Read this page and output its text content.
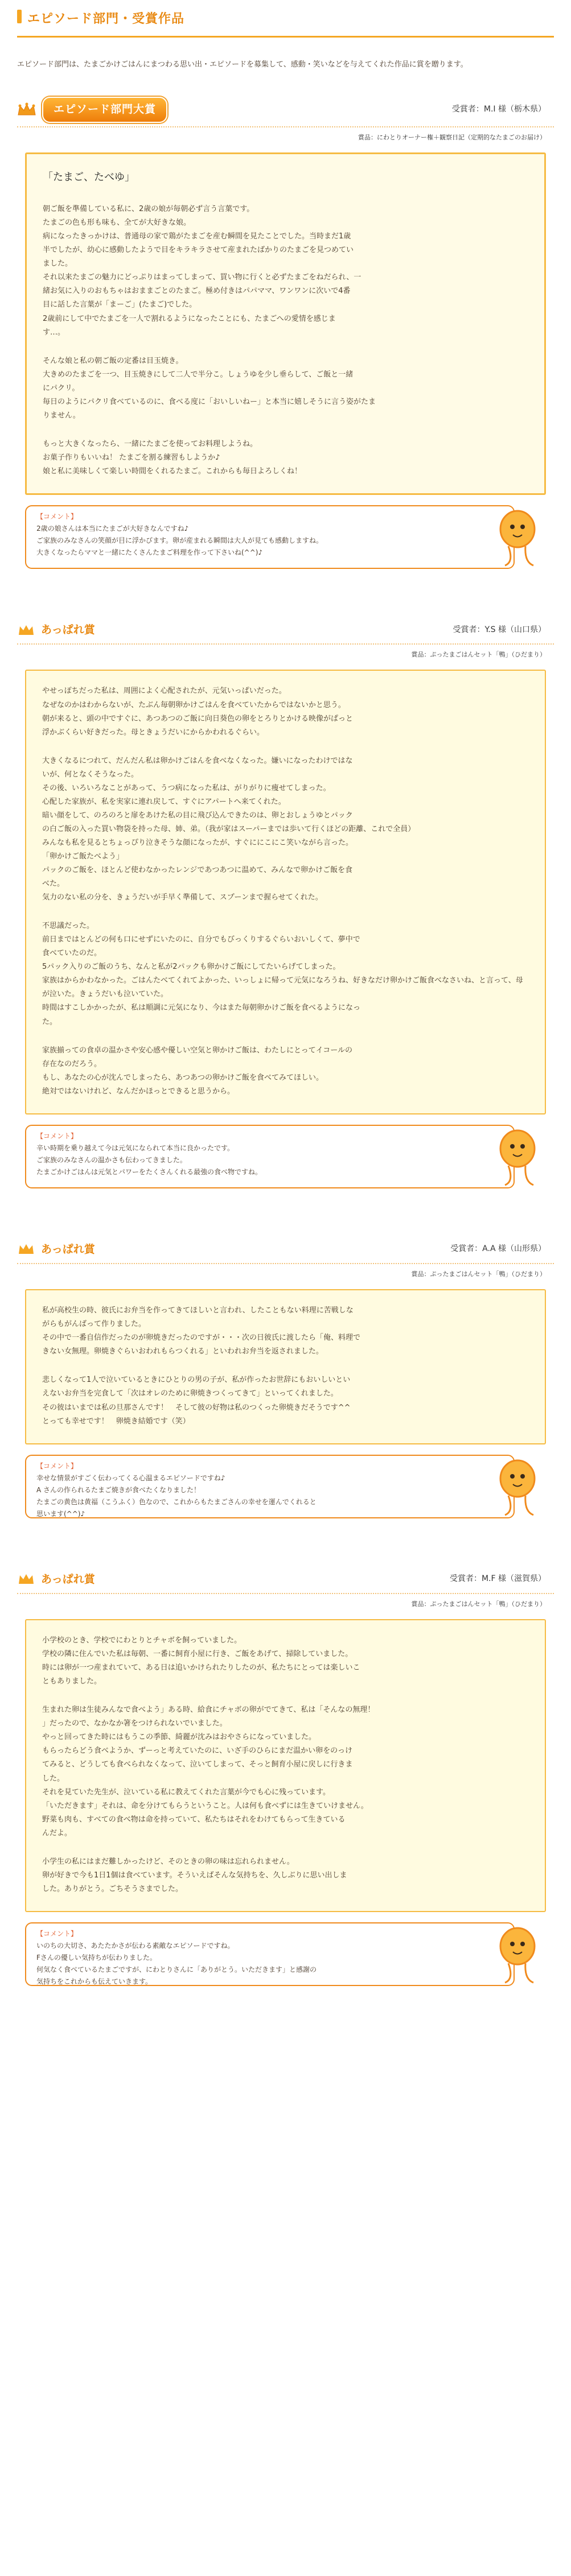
エピソード部門・受賞作品
エピソード部門は、たまごかけごはんにまつわる思い出・エピソードを募集して、感動・笑いなどを与えてくれた作品に賞を贈ります。
エピソード部門大賞	受賞者：M.I 様（栃木県）
賞品：にわとりオーナー権＋観察日記（定期的なたまごのお届け）
「たまご、たべゆ」
朝ご飯を準備している私に、2歳の娘が毎朝必ず言う言葉です。
たまごの色も形も味も、全てが大好きな娘。
病になったきっかけは、普通母の家で鶏がたまごを産む瞬間を見たことでした。当時まだ1歳
半でしたが、幼心に感動したようで目をキラキラさせて産まれたばかりのたまごを見つめてい
ました。
それ以来たまごの魅力にどっぷりはまってしまって、買い物に行くと必ずたまごをねだられ、一
緒お気に入りのおもちゃはおままごとのたまご。極め付きはパパママ、ワンワンに次いで4番
目に話した言葉が「まーご」(たまご)でした。
2歳前にして中でたまごを一人で割れるようになったことにも、たまごへの愛情を感じま
す…。
そんな娘と私の朝ご飯の定番は目玉焼き。
大きめのたまごを一つ、目玉焼きにして二人で半分こ。しょうゆを少し垂らして、ご飯と一緒
にパクリ。
毎日のようにパクリ食べているのに、食べる度に「おいしいねー」と本当に嬉しそうに言う姿がたま
りません。
もっと大きくなったら、一緒にたまごを使ってお料理しようね。
お菓子作りもいいね！ たまごを割る練習もしようか♪
娘と私に美味しくて楽しい時間をくれるたまご。これからも毎日よろしくね！
【コメント】
2歳の娘さんは本当にたまごが大好きなんですね♪
ご家族のみなさんの笑顔が目に浮かびます。卵が産まれる瞬間は大人が見ても感動しますね。
大きくなったらママと一緒にたくさんたまご料理を作って下さいね(^^)♪
あっぱれ賞	受賞者：Y.S 様（山口県）
賞品：ぷったまごはんセット「鴨」（ひだまり）
やせっぽちだった私は、周囲によく心配されたが、元気いっぱいだった。
なぜなのかはわからないが、たぶん毎朝卵かけごはんを食べていたからではないかと思う。
朝が来ると、頭の中ですぐに、あつあつのご飯に向日葵色の卵をとろりとかける映像がぱっと
浮かぶくらい好きだった。母ときょうだいにからかわれるぐらい。
大きくなるにつれて、だんだん私は卵かけごはんを食べなくなった。嫌いになったわけではな
いが、何となくそうなった。
その後、いろいろなことがあって、うつ病になった私は、がりがりに痩せてしまった。
心配した家族が、私を実家に連れ戻して、すぐにアパートへ来てくれた。
暗い顔をして、のろのろと扉をあけた私の目に飛び込んできたのは、卵とおしょうゆとパック
の白ご飯の入った買い物袋を持った母、姉、弟。（我が家はスーパーまでは歩いて行くほどの距離、これで全員）
みんなも私を見るとちょっぴり泣きそうな顔になったが、すぐににこにこ笑いながら言った。
「卵かけご飯たべよう」
パックのご飯を、ほとんど使わなかったレンジであつあつに温めて、みんなで卵かけご飯を食
べた。
気力のない私の分を、きょうだいが手早く準備して、スプーンまで握らせてくれた。
不思議だった。
前日まではとんどの何も口にせずにいたのに、自分でもびっくりするぐらいおいしくて、夢中で
食べていたのだ。
5パック入りのご飯のうち、なんと私が2パックも卵かけご飯にしてたいらげてしまった。
家族はからかわなかった。ごはんたべてくれてよかった、いっしょに帰って元気になろうね、好きなだけ卵かけご飯食べなさいね、と言って、母が泣いた。きょうだいも泣いていた。
時間はすこしかかったが、私は順調に元気になり、今はまた毎朝卵かけご飯を食べるようになっ
た。
家族揃っての食卓の温かさや安心感や優しい空気と卵かけご飯は、わたしにとってイコールの
存在なのだろう。
もし、あなたの心が沈んでしまったら、あつあつの卵かけご飯を食べてみてほしい。
絶対ではないけれど、なんだかほっとできると思うから。
【コメント】
辛い時期を乗り越えて今は元気になられて本当に良かったです。
ご家族のみなさんの温かさも伝わってきました。
たまごかけごはんは元気とパワーをたくさんくれる最強の食べ物ですね。
あっぱれ賞	受賞者：A.A 様（山形県）
賞品：ぷったまごはんセット「鴨」（ひだまり）
私が高校生の時、彼氏にお弁当を作ってきてほしいと言われ、したこともない料理に苦戦しな
がらもがんばって作りました。
その中で一番自信作だったのが卵焼きだったのですが・・・次の日彼氏に渡したら「俺、料理で
きない女無理。卵焼きぐらいおわれもらつくれる」といわれお弁当を返されました。
悲しくなって1人で泣いているときにひとりの男の子が、私が作ったお世辞にもおいしいとい
えないお弁当を完食して「次はオレのために卵焼きつくってきて」といってくれました。
その彼はいまでは私の旦那さんです！　そして彼の好物は私のつくった卵焼きだそうです^^
とっても幸せです！　卵焼き結婚です（笑）
【コメント】
幸せな情景がすごく伝わってくる心温まるエピソードですね♪
A さんの作られるたまご焼きが食べたくなりました！
たまごの黄色は黄福（こうふく）色なので、これからもたまごさんの幸せを運んでくれると
思います(^^)♪
あっぱれ賞	受賞者：M.F 様（滋賀県）
賞品：ぷったまごはんセット「鴨」（ひだまり）
小学校のとき、学校でにわとりとチャボを飼っていました。
学校の隣に住んでいた私は毎朝、一番に飼育小屋に行き、ご飯をあげて、掃除していました。
時には卵が一つ産まれていて、ある日は追いかけられたりしたのが、私たちにとっては楽しいこ
ともありました。
生まれた卵は生徒みんなで食べよう」ある時、給食にチャボの卵がでてきて、私は「そんなの無理！
」だったので、なかなか箸をつけられないでいました。
やっと回ってきた時にはもうこの季節、綺麗が沈みはおやさらになっていました。
もらったらどう食べようか、ずーっと考えていたのに、いざ手のひらにまだ温かい卵をのっけ
てみると、どうしても食べられなくなって、泣いてしまって、そっと飼育小屋に戻しに行きま
した。
それを見ていた先生が、泣いている私に教えてくれた言葉が今でも心に残っています。
「いただきます」それは、命を分けてもらうということ。人は何も食べずには生きていけません。
野菜も肉も、すべての食べ物は命を持っていて、私たちはそれをわけてもらって生きている
んだよ。
小学生の私にはまだ難しかったけど、そのときの卵の味は忘れられません。
卵が好きで今も1日1個は食べています。そういえばそんな気持ちを、久しぶりに思い出しま
した。ありがとう。ごちそうさまでした。
【コメント】
いのちの大切さ、あたたかさが伝わる素敵なエピソードですね。
Fさんの優しい気持ちが伝わりました。
何気なく食べているたまごですが、にわとりさんに「ありがとう。いただきます」と感謝の
気持ちをこれからも伝えていきます。
